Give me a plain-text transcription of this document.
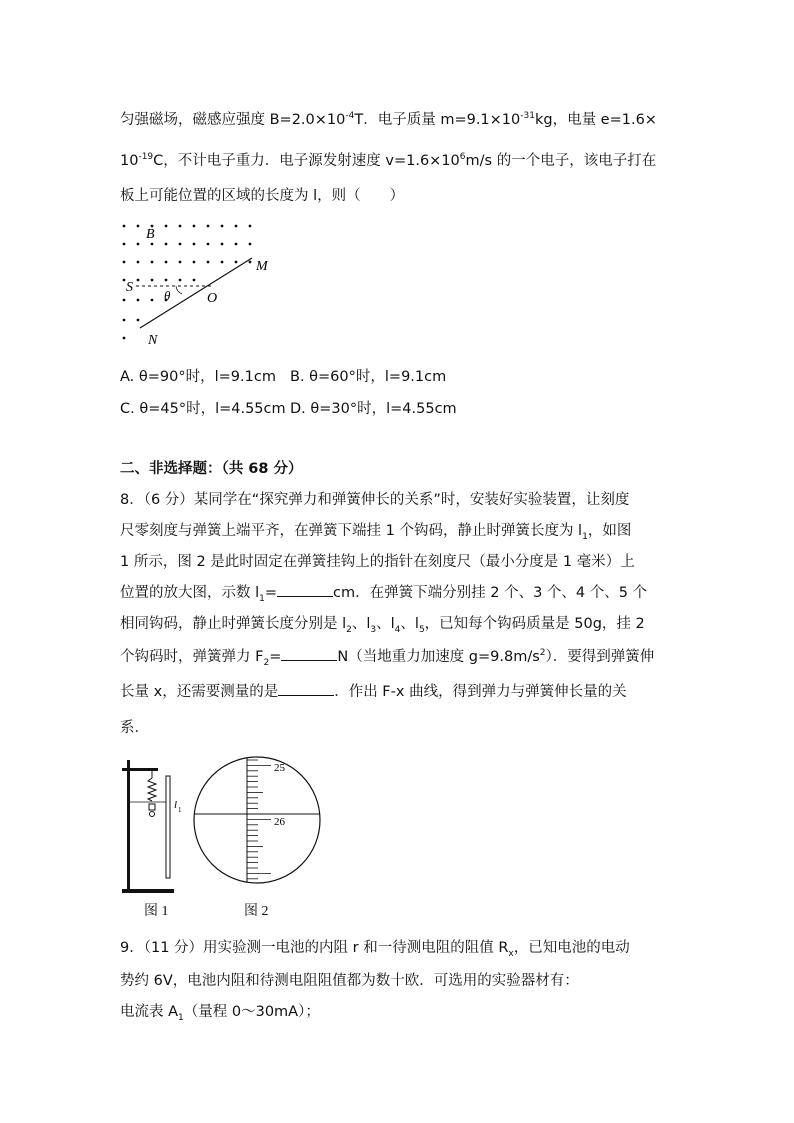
匀强磁场，磁感应强度 $B=2.0\times 10^{-4}T$．电子质量 $m=9.1\times 10^{-31}kg$，电量 e=1.6×
$10^{-19}C$，不计电子重力．电子源发射速度 $v=1.6\times 10^6m/s$ 的一个电子，该电子打在
板上可能位置的区域的长度为 l，则（　　）
B
M
S
θ	O
N
A. θ=90°时，l=9.1cm B. θ=60°时，l=9.1cm
C. θ=45°时，l=4.55cm D. θ=30°时，l=4.55cm
二、非选择题：（共 68 分）
8．（6 分）某同学在“探究弹力和弹簧伸长的关系”时，安装好实验装置，让刻度
尺零刻度与弹簧上端平齐，在弹簧下端挂 1 个钩码，静止时弹簧长度为 $l_1$，如图
1 所示，图 2 是此时固定在弹簧挂钩上的指针在刻度尺（最小分度是 1 毫米）上
位置的放大图，示数 $l_1=$	cm．在弹簧下端分别挂 2 个、3 个、4 个、5 个
相同钩码，静止时弹簧长度分别是 $l_2$、$l_3$、$l_4$、$l_5$，已知每个钩码质量是 50g，挂 2
个钩码时，弹簧弹力 $F_2=$	N（当地重力加速度 $g=9.8m/s^2$）．要得到弹簧伸
长量 x，还需要测量的是	．作出 F-x 曲线，得到弹力与弹簧伸长量的关
系．
l 1
图 1
25
26
图 2
9．（11 分）用实验测一电池的内阻 r 和一待测电阻的阻值 $R_x$，已知电池的电动
势约 6V，电池内阻和待测电阻阻值都为数十欧．可选用的实验器材有：
电流表 $A_1$（量程 0～30mA）；
